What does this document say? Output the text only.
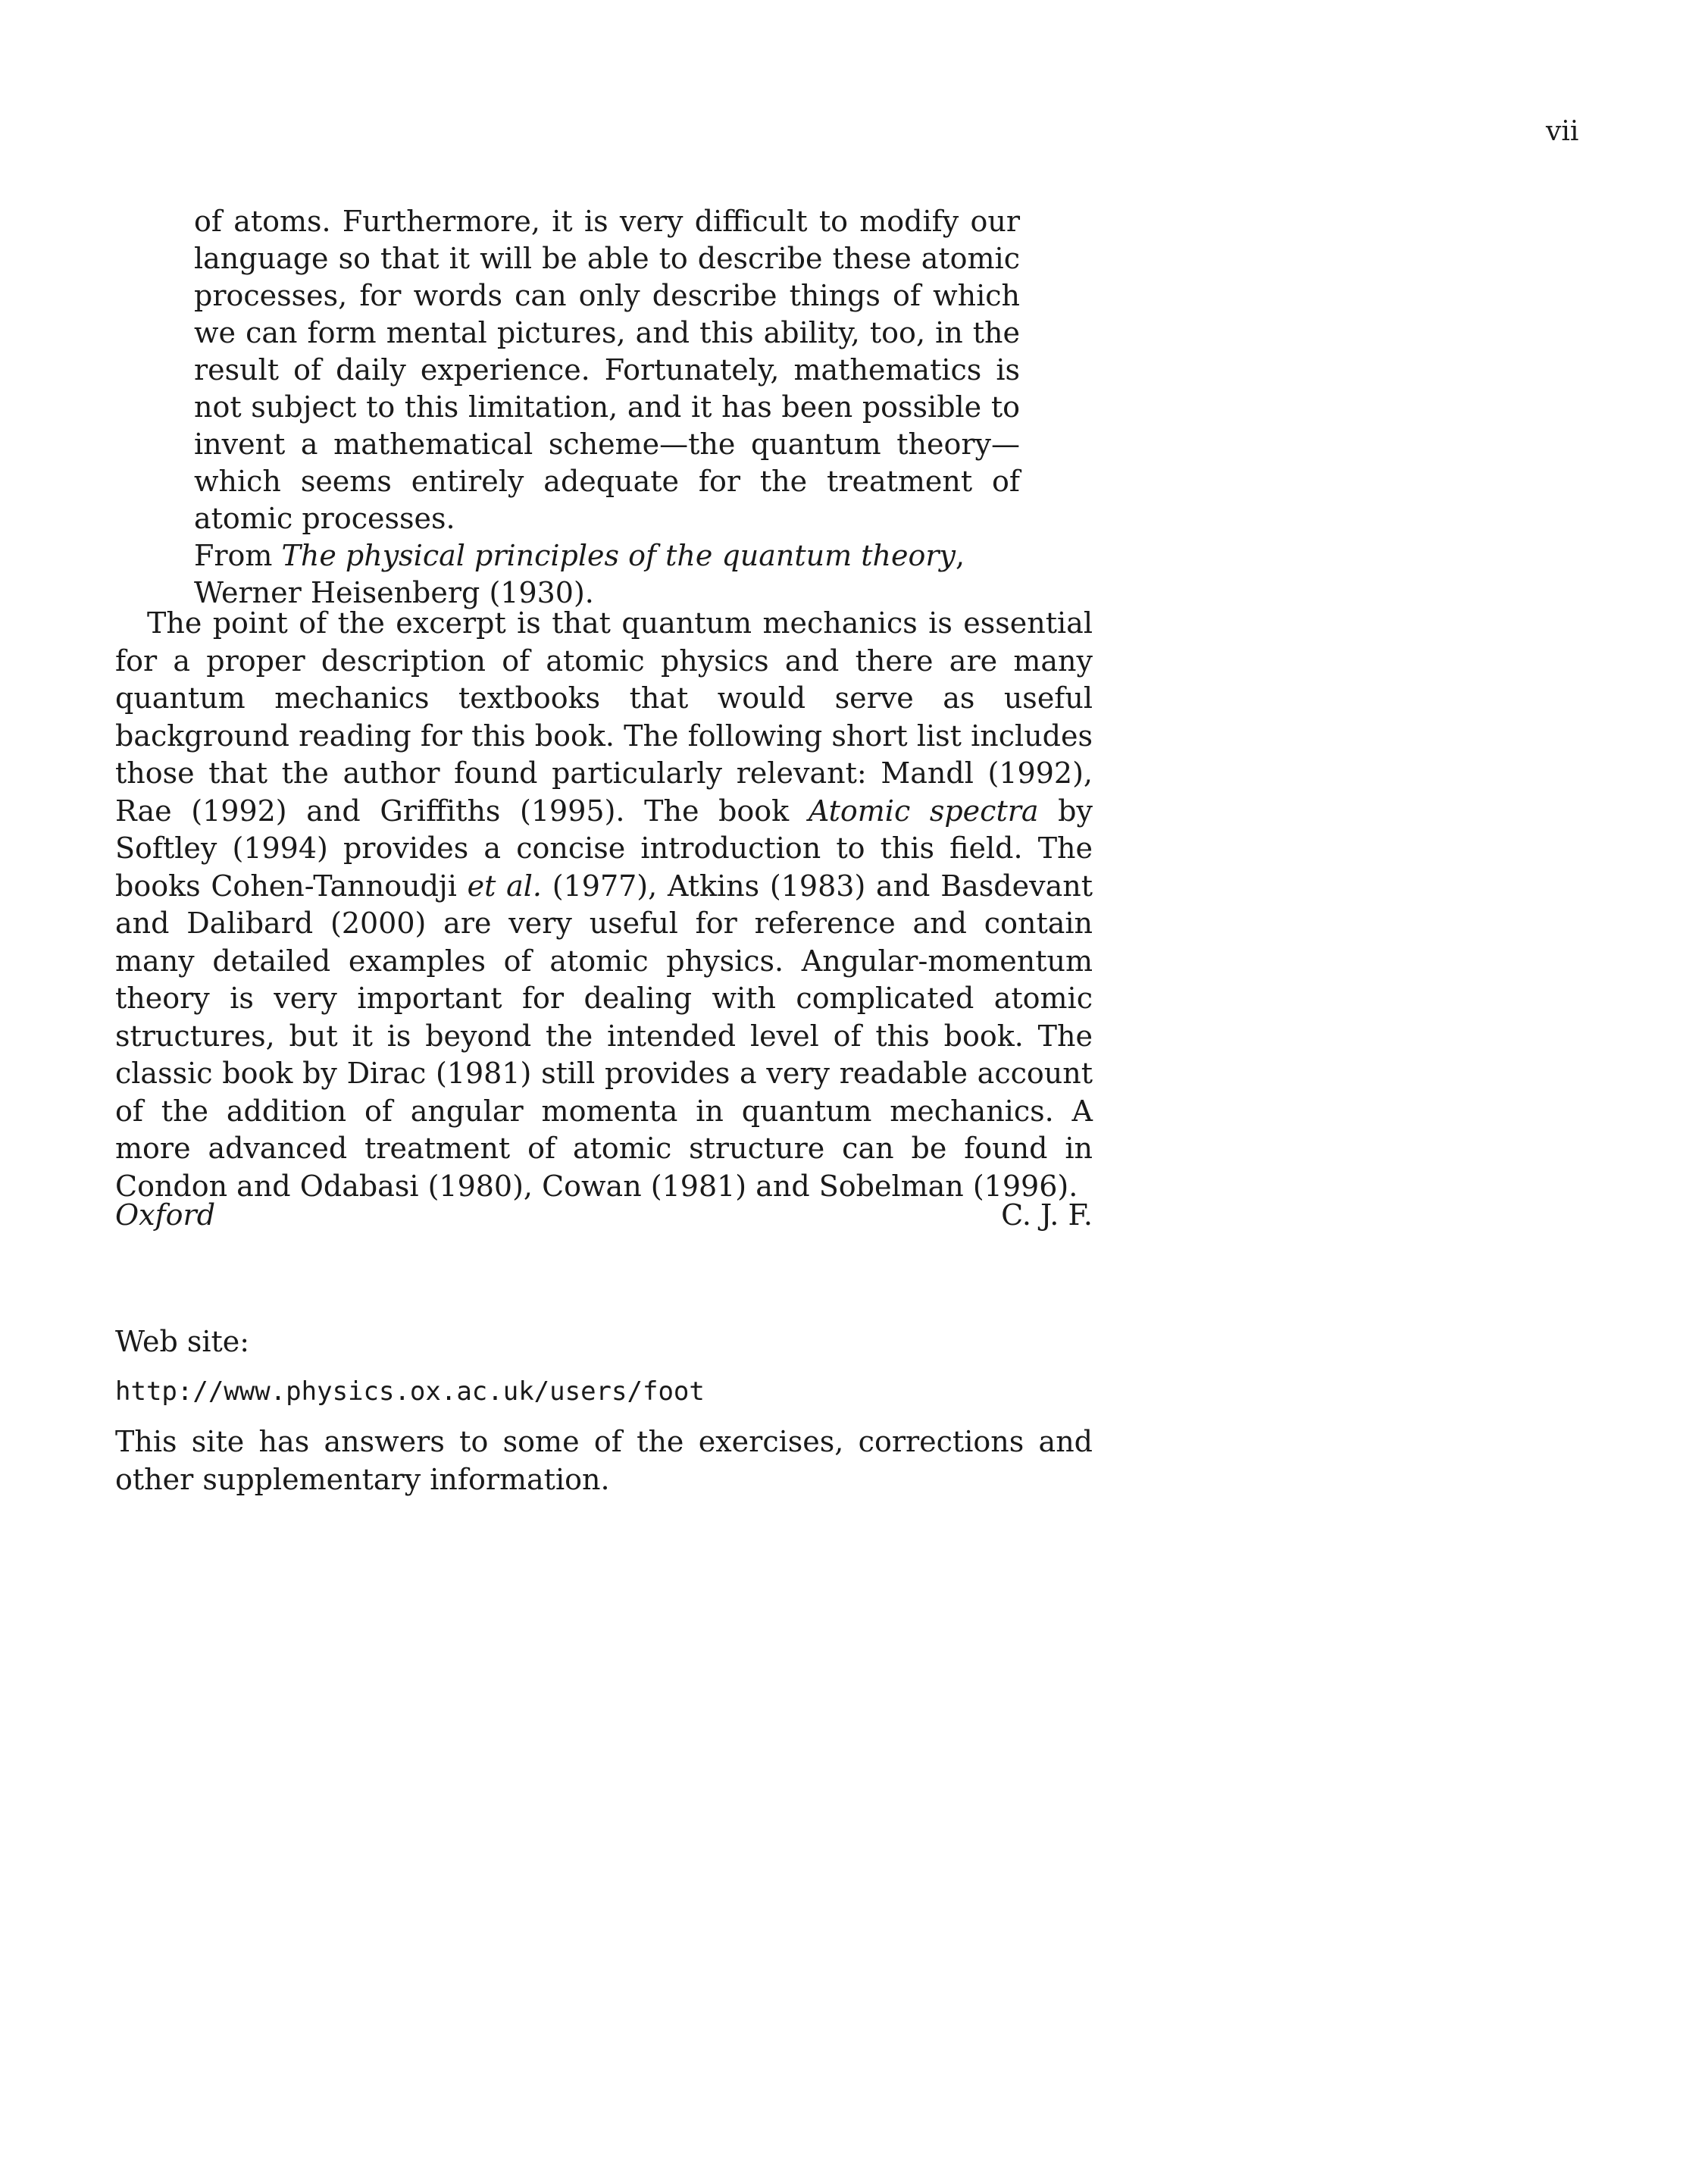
vii

of atoms. Furthermore, it is very difficult to modify our language so that it will be able to describe these atomic processes, for words can only describe things of which we can form mental pictures, and this ability, too, in the result of daily experience. Fortunately, mathematics is not subject to this limitation, and it has been possible to invent a mathematical scheme—the quantum theory—which seems entirely adequate for the treatment of atomic processes.

From The physical principles of the quantum theory, Werner Heisenberg (1930).

The point of the excerpt is that quantum mechanics is essential for a proper description of atomic physics and there are many quantum mechanics textbooks that would serve as useful background reading for this book. The following short list includes those that the author found particularly relevant: Mandl (1992), Rae (1992) and Griffiths (1995). The book Atomic spectra by Softley (1994) provides a concise introduction to this field. The books Cohen-Tannoudji et al. (1977), Atkins (1983) and Basdevant and Dalibard (2000) are very useful for reference and contain many detailed examples of atomic physics. Angular-momentum theory is very important for dealing with complicated atomic structures, but it is beyond the intended level of this book. The classic book by Dirac (1981) still provides a very readable account of the addition of angular momenta in quantum mechanics. A more advanced treatment of atomic structure can be found in Condon and Odabasi (1980), Cowan (1981) and Sobelman (1996).

Oxford	C. J. F.

Web site:

http://www.physics.ox.ac.uk/users/foot

This site has answers to some of the exercises, corrections and other supplementary information.
